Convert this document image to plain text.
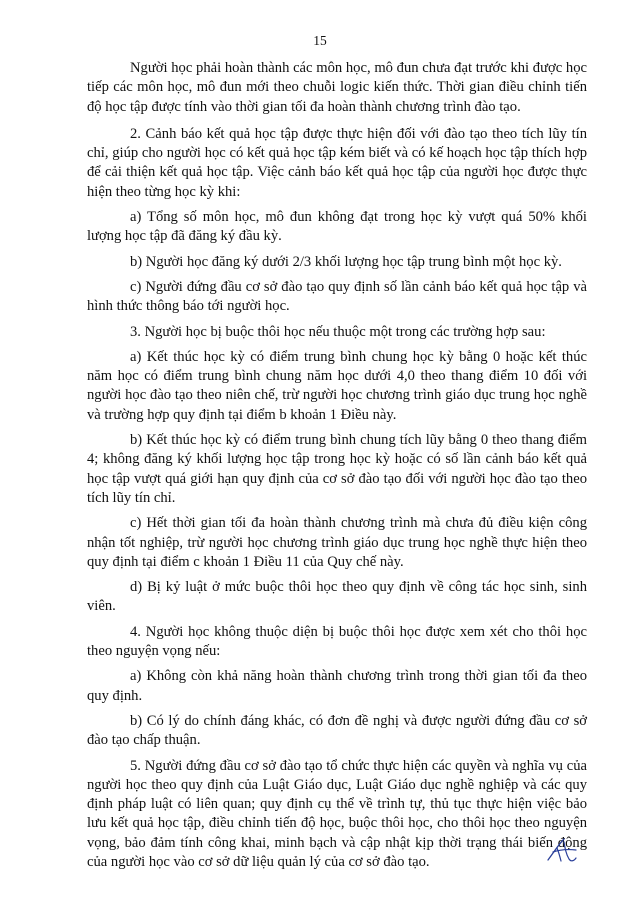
15

Người học phải hoàn thành các môn học, mô đun chưa đạt trước khi được học tiếp các môn học, mô đun mới theo chuỗi logic kiến thức. Thời gian điều chỉnh tiến độ học tập được tính vào thời gian tối đa hoàn thành chương trình đào tạo.

2. Cảnh báo kết quả học tập được thực hiện đối với đào tạo theo tích lũy tín chỉ, giúp cho người học có kết quả học tập kém biết và có kế hoạch học tập thích hợp để cải thiện kết quả học tập. Việc cảnh báo kết quả học tập của người học được thực hiện theo từng học kỳ khi:

a) Tổng số môn học, mô đun không đạt trong học kỳ vượt quá 50% khối lượng học tập đã đăng ký đầu kỳ.

b) Người học đăng ký dưới 2/3 khối lượng học tập trung bình một học kỳ.

c) Người đứng đầu cơ sở đào tạo quy định số lần cảnh báo kết quả học tập và hình thức thông báo tới người học.

3. Người học bị buộc thôi học nếu thuộc một trong các trường hợp sau:

a) Kết thúc học kỳ có điểm trung bình chung học kỳ bằng 0 hoặc kết thúc năm học có điểm trung bình chung năm học dưới 4,0 theo thang điểm 10 đối với người học đào tạo theo niên chế, trừ người học chương trình giáo dục trung học nghề và trường hợp quy định tại điểm b khoản 1 Điều này.

b) Kết thúc học kỳ có điểm trung bình chung tích lũy bằng 0 theo thang điểm 4; không đăng ký khối lượng học tập trong học kỳ hoặc có số lần cảnh báo kết quả học tập vượt quá giới hạn quy định của cơ sở đào tạo đối với người học đào tạo theo tích lũy tín chỉ.

c) Hết thời gian tối đa hoàn thành chương trình mà chưa đủ điều kiện công nhận tốt nghiệp, trừ người học chương trình giáo dục trung học nghề thực hiện theo quy định tại điểm c khoản 1 Điều 11 của Quy chế này.

d) Bị kỷ luật ở mức buộc thôi học theo quy định về công tác học sinh, sinh viên.

4. Người học không thuộc diện bị buộc thôi học được xem xét cho thôi học theo nguyện vọng nếu:

a) Không còn khả năng hoàn thành chương trình trong thời gian tối đa theo quy định.

b) Có lý do chính đáng khác, có đơn đề nghị và được người đứng đầu cơ sở đào tạo chấp thuận.

5. Người đứng đầu cơ sở đào tạo tổ chức thực hiện các quyền và nghĩa vụ của người học theo quy định của Luật Giáo dục, Luật Giáo dục nghề nghiệp và các quy định pháp luật có liên quan; quy định cụ thể về trình tự, thủ tục thực hiện việc bảo lưu kết quả học tập, điều chỉnh tiến độ học, buộc thôi học, cho thôi học theo nguyện vọng, bảo đảm tính công khai, minh bạch và cập nhật kịp thời trạng thái biến động của người học vào cơ sở dữ liệu quản lý của cơ sở đào tạo.
